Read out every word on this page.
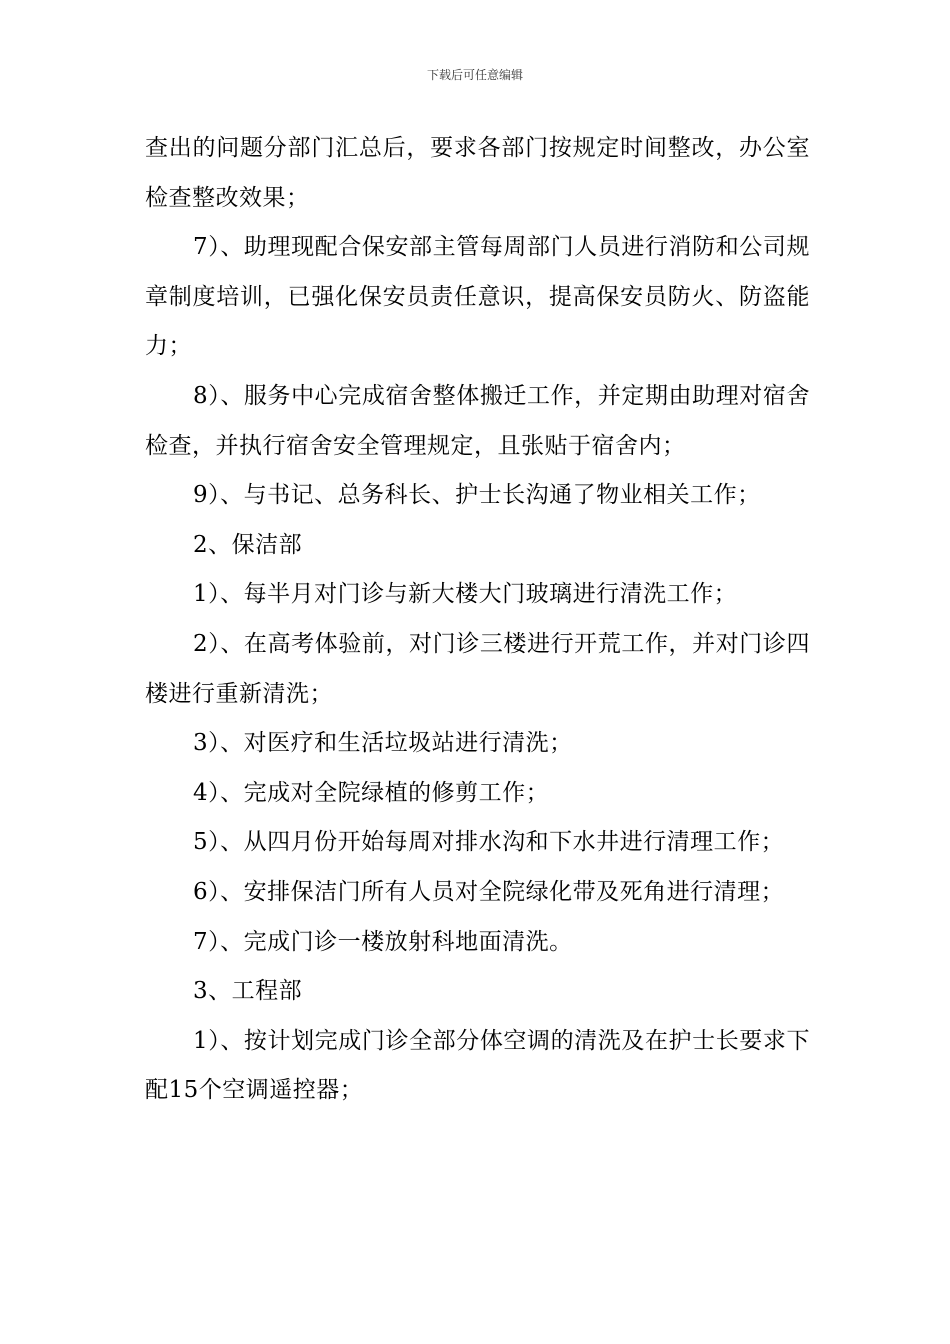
下载后可任意编辑

查出的问题分部门汇总后，要求各部门按规定时间整改，办公室检查整改效果；

7）、助理现配合保安部主管每周部门人员进行消防和公司规章制度培训，已强化保安员责任意识，提高保安员防火、防盗能力；

8）、服务中心完成宿舍整体搬迁工作，并定期由助理对宿舍检查，并执行宿舍安全管理规定，且张贴于宿舍内；

9）、与书记、总务科长、护士长沟通了物业相关工作；

2、保洁部

1）、每半月对门诊与新大楼大门玻璃进行清洗工作；

2）、在高考体验前，对门诊三楼进行开荒工作，并对门诊四楼进行重新清洗；

3）、对医疗和生活垃圾站进行清洗；

4）、完成对全院绿植的修剪工作；

5）、从四月份开始每周对排水沟和下水井进行清理工作；

6）、安排保洁门所有人员对全院绿化带及死角进行清理；

7）、完成门诊一楼放射科地面清洗。

3、工程部

1）、按计划完成门诊全部分体空调的清洗及在护士长要求下配15个空调遥控器；
